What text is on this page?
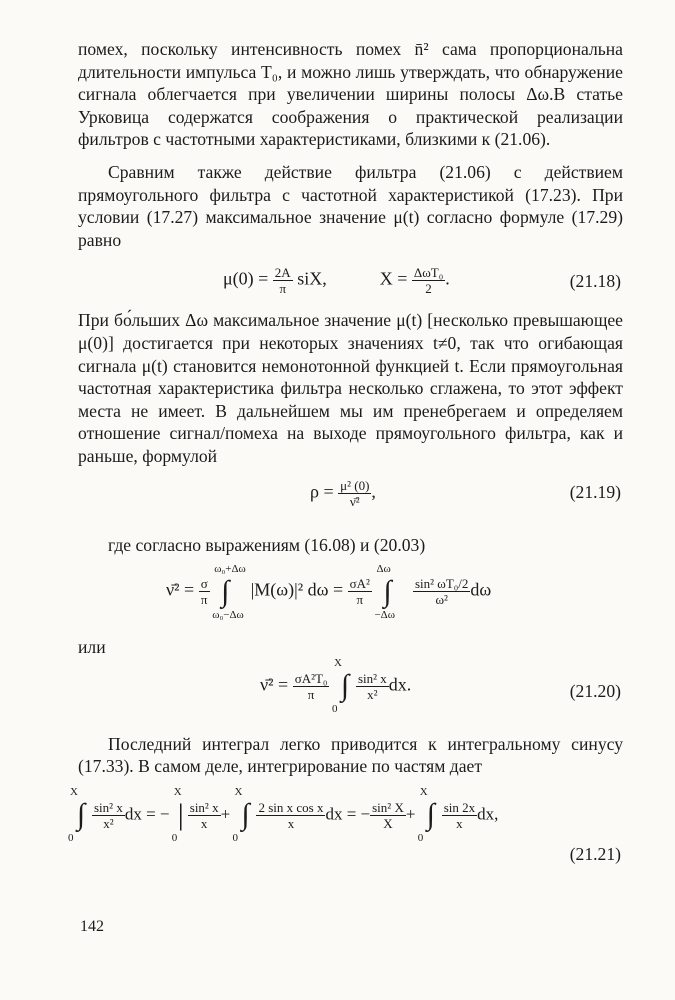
помех, поскольку интенсивность помех n̄² сама пропорциональна длительности импульса T₀, и можно лишь утверждать, что обнаружение сигнала облегчается при увеличении ширины полосы Δω.В статье Урковица содержатся соображения о практической реализации фильтров с частотными характеристиками, близкими к (21.06).

Сравним также действие фильтра (21.06) с действием прямоугольного фильтра с частотной характеристикой (17.23). При условии (17.27) максимальное значение μ(t) согласно формуле (17.29) равно

$\mu(0) = \frac{2A}{\pi}$ siX,	$X = \frac{\text{ΔωT₀}}{2}$ .	(21.18)

При бо́льших Δω максимальное значение μ(t) [несколько превышающее μ(0)] достигается при некоторых значениях t≠0, так что огибающая сигнала μ(t) становится немонотонной функцией t. Если прямоугольная частотная характеристика фильтра несколько сглажена, то этот эффект места не имеет. В дальнейшем мы им пренебрегаем и определяем отношение сигнал/помеха на выходе прямоугольного фильтра, как и раньше, формулой

$\rho = \frac{\text{μ² (0)}}{\text{ν̄²}}$ ,	(21.19)

где согласно выражениям (16.08) и (20.03)

ν̄² = $\frac{\sigma}{\pi}$

ω₀+Δω
∫
ω₀−Δω
|M(ω)|² $d\omega = \frac{\text{σA²}}{\pi}$

Δω
∫
−Δω

$\frac{\text{sin² ωT₀/2}}{\text{ω²}}$ dω

или

ν̄² = $\frac{\text{σA²T₀}}{\pi}$

X
∫
0
$\frac{\text{sin² x}}{\text{x²}}$ dx.	(21.20)

Последний интеграл легко приводится к интегральному синусу (17.33). В самом деле, интегрирование по частям дает

X
∫
0
$\frac{\text{sin² x}}{\text{x²}}$ dx = −
X
|
0
$\frac{\text{sin² x}}{x}$ +
X
∫
0
$\frac{\text{2 sin x cos x}}{x}$ dx = − $\frac{\text{sin² X}}{X}$ +
X
∫
0
$\frac{\sin 2x}{x}$ dx,
(21.21)
142
